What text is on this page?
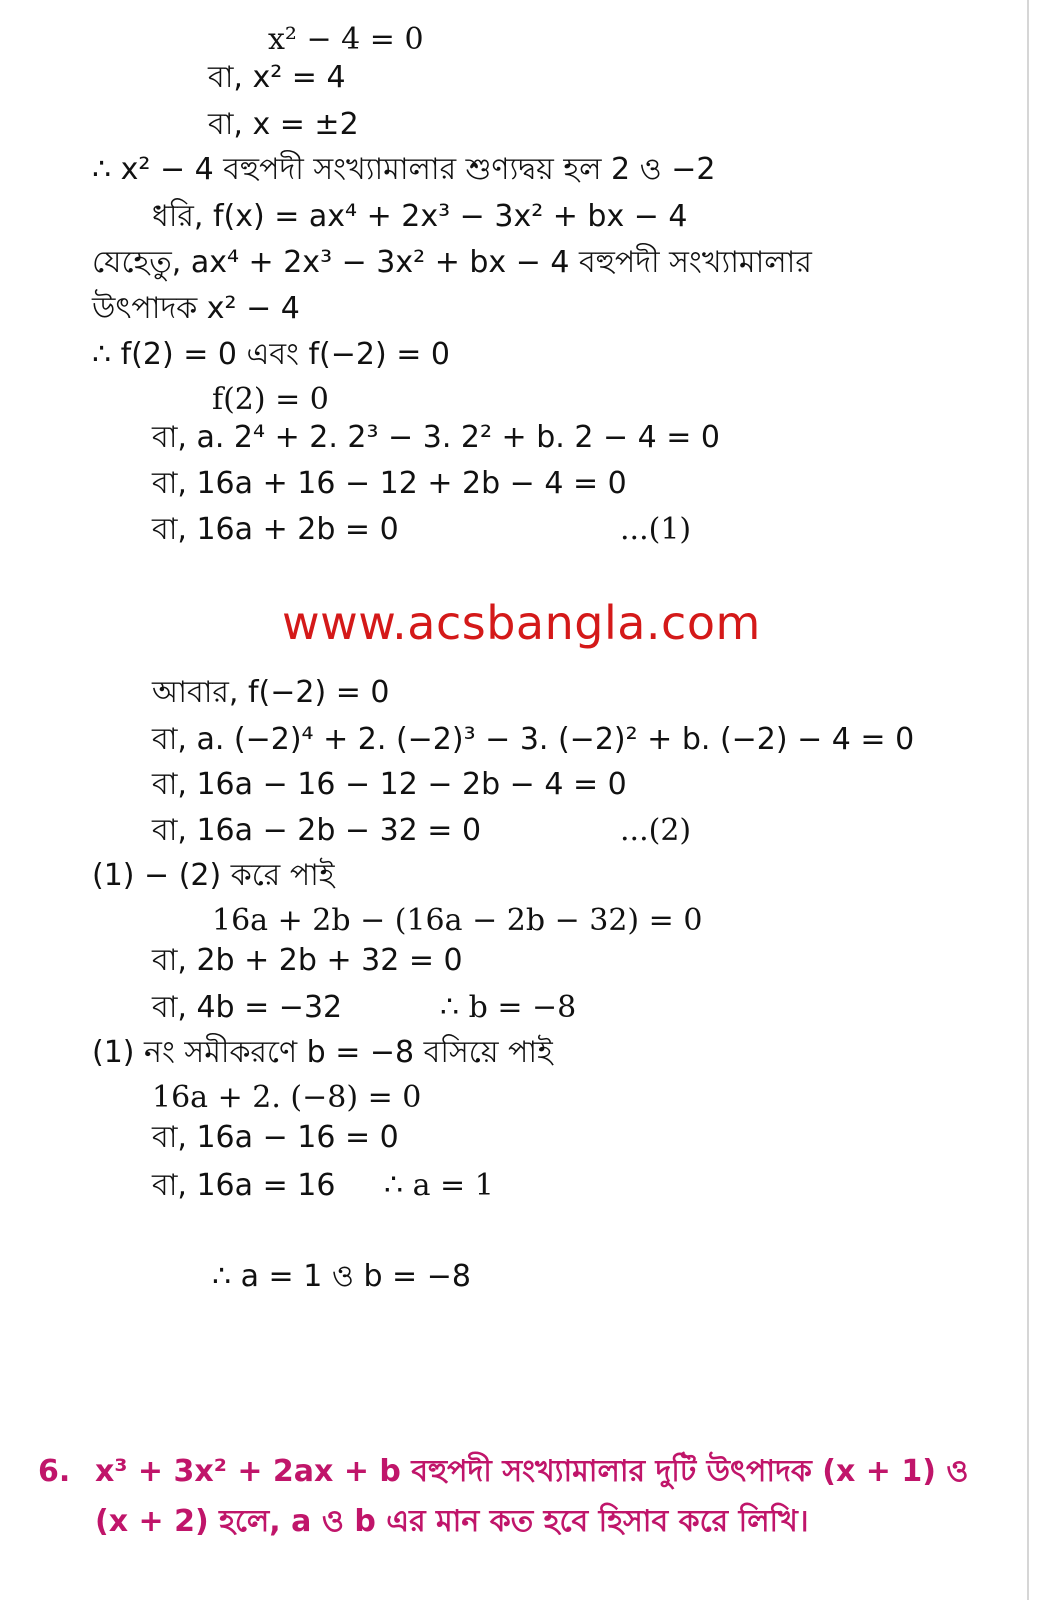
x² − 4 = 0
বা, x² = 4
বা, x = ±2
∴ x² − 4 বহুপদী সংখ্যামালার শুণ্যদ্বয় হল 2 ও −2
ধরি, f(x) = ax⁴ + 2x³ − 3x² + bx − 4
যেহেতু, ax⁴ + 2x³ − 3x² + bx − 4 বহুপদী সংখ্যামালার
উৎপাদক x² − 4
∴ f(2) = 0 এবং f(−2) = 0
f(2) = 0
বা, a. 2⁴ + 2. 2³ − 3. 2² + b. 2 − 4 = 0
বা, 16a + 16 − 12 + 2b − 4 = 0
বা, 16a + 2b = 0	...(1)
www.acsbangla.com
আবার, f(−2) = 0
বা, a. (−2)⁴ + 2. (−2)³ − 3. (−2)² + b. (−2) − 4 = 0
বা, 16a − 16 − 12 − 2b − 4 = 0
বা, 16a − 2b − 32 = 0	...(2)
(1) − (2) করে পাই
16a + 2b − (16a − 2b − 32) = 0
বা, 2b + 2b + 32 = 0
বা, 4b = −32	∴ b = −8
(1) নং সমীকরণে b = −8 বসিয়ে পাই
16a + 2. (−8) = 0
বা, 16a − 16 = 0
বা, 16a = 16 ∴ a = 1
∴ a = 1 ও b = −8
6. x³ + 3x² + 2ax + b বহুপদী সংখ্যামালার দুটি উৎপাদক (x + 1) ও
(x + 2) হলে, a ও b এর মান কত হবে হিসাব করে লিখি।
